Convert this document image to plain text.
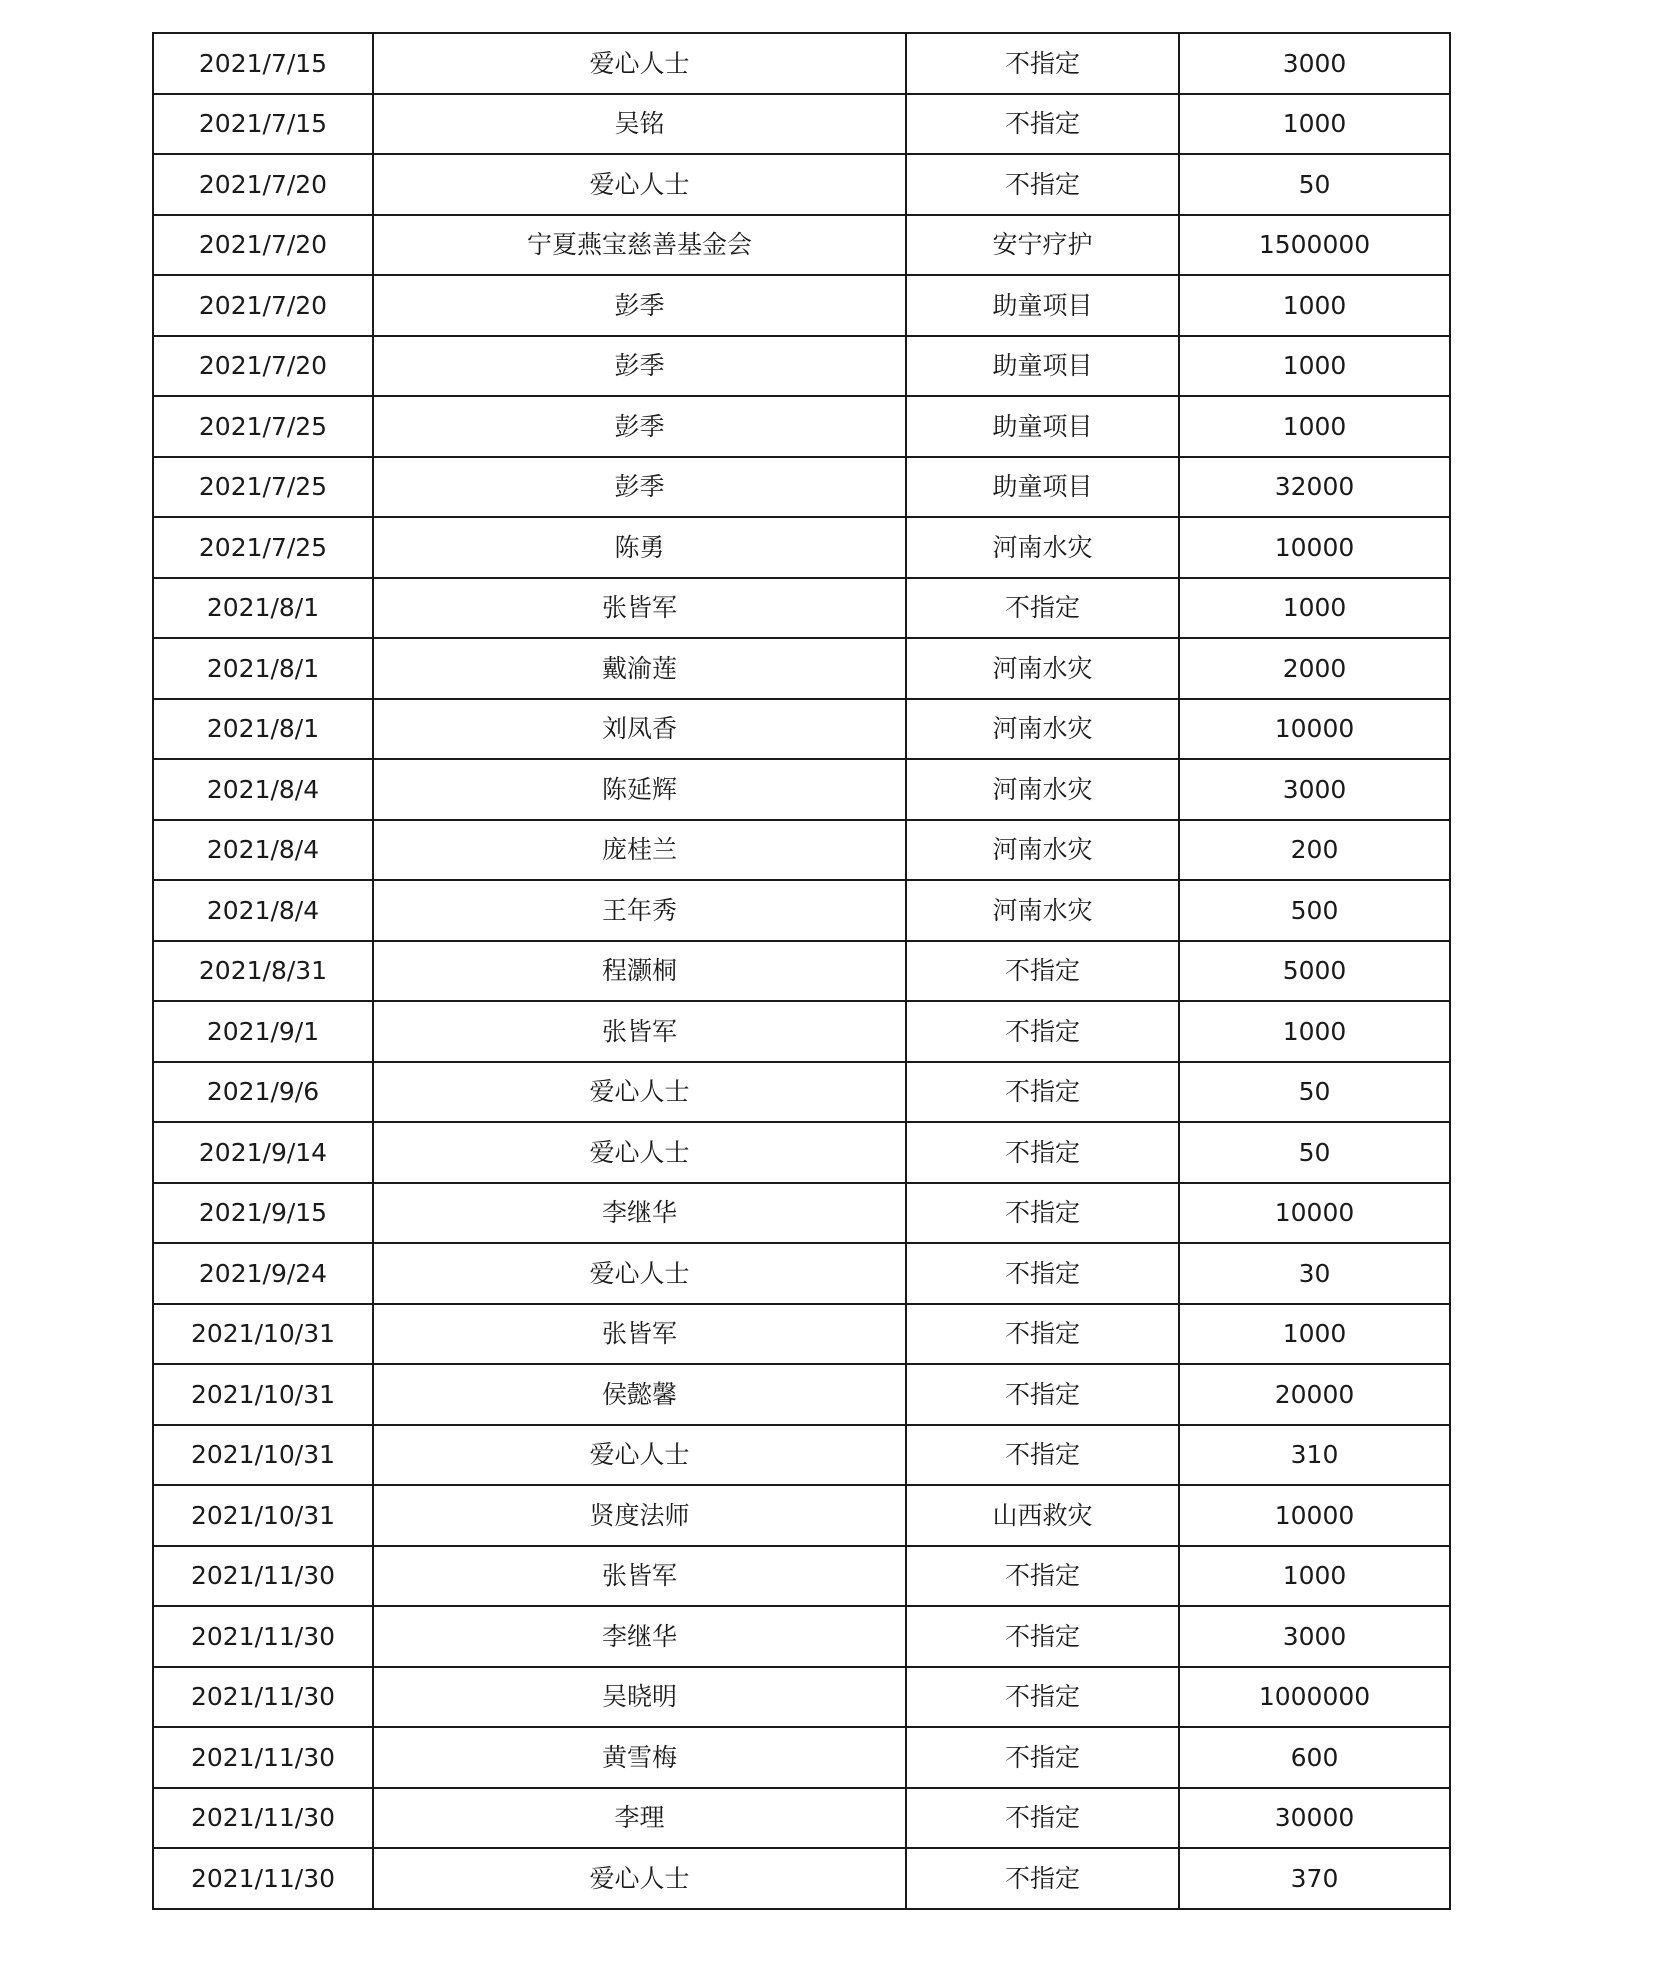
2021/7/15	爱心人士	不指定	3000
2021/7/15	吴铭	不指定	1000
2021/7/20	爱心人士	不指定	50
2021/7/20	宁夏燕宝慈善基金会	安宁疗护	1500000
2021/7/20	彭季	助童项目	1000
2021/7/20	彭季	助童项目	1000
2021/7/25	彭季	助童项目	1000
2021/7/25	彭季	助童项目	32000
2021/7/25	陈勇	河南水灾	10000
2021/8/1	张皆军	不指定	1000
2021/8/1	戴渝莲	河南水灾	2000
2021/8/1	刘凤香	河南水灾	10000
2021/8/4	陈延辉	河南水灾	3000
2021/8/4	庞桂兰	河南水灾	200
2021/8/4	王年秀	河南水灾	500
2021/8/31	程灏桐	不指定	5000
2021/9/1	张皆军	不指定	1000
2021/9/6	爱心人士	不指定	50
2021/9/14	爱心人士	不指定	50
2021/9/15	李继华	不指定	10000
2021/9/24	爱心人士	不指定	30
2021/10/31	张皆军	不指定	1000
2021/10/31	侯懿馨	不指定	20000
2021/10/31	爱心人士	不指定	310
2021/10/31	贤度法师	山西救灾	10000
2021/11/30	张皆军	不指定	1000
2021/11/30	李继华	不指定	3000
2021/11/30	吴晓明	不指定	1000000
2021/11/30	黄雪梅	不指定	600
2021/11/30	李理	不指定	30000
2021/11/30	爱心人士	不指定	370
